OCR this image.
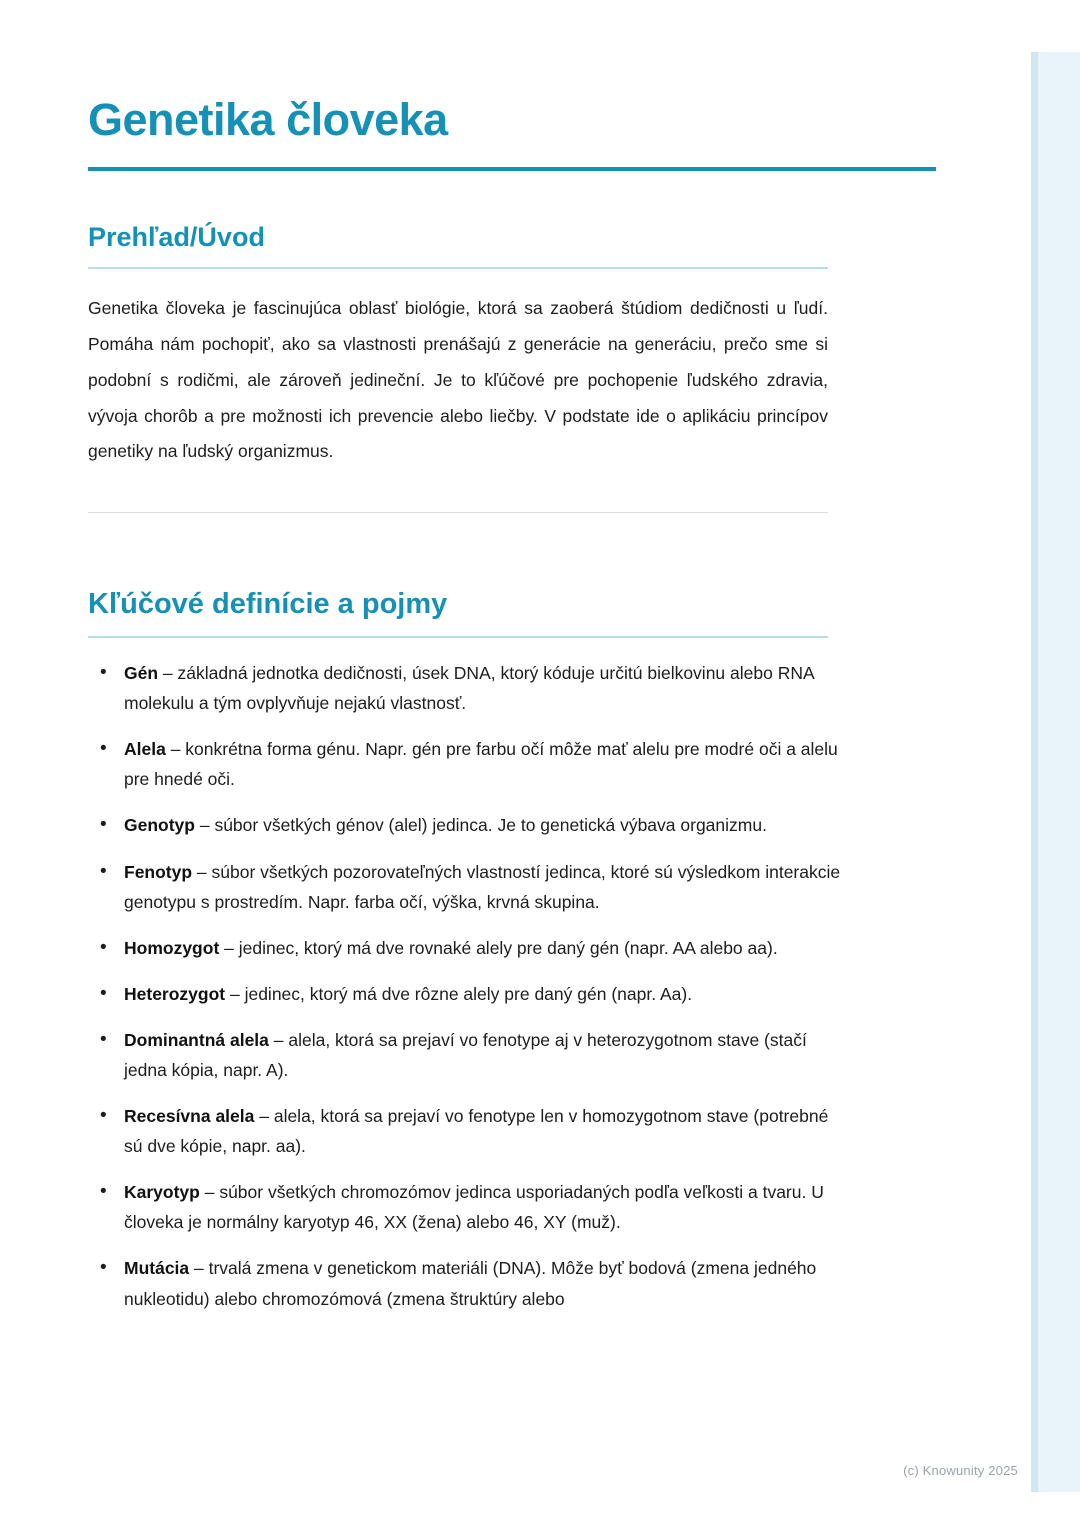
Genetika človeka
Prehľad/Úvod

Genetika človeka je fascinujúca oblasť biológie, ktorá sa zaoberá štúdiom dedičnosti u ľudí. Pomáha nám pochopiť, ako sa vlastnosti prenášajú z generácie na generáciu, prečo sme si podobní s rodičmi, ale zároveň jedineční. Je to kľúčové pre pochopenie ľudského zdravia, vývoja chorôb a pre možnosti ich prevencie alebo liečby. V podstate ide o aplikáciu princípov genetiky na ľudský organizmus.

Kľúčové definície a pojmy
• Gén – základná jednotka dedičnosti, úsek DNA, ktorý kóduje určitú bielkovinu alebo RNA molekulu a tým ovplyvňuje nejakú vlastnosť.
• Alela – konkrétna forma génu. Napr. gén pre farbu očí môže mať alelu pre modré oči a alelu pre hnedé oči.
• Genotyp – súbor všetkých génov (alel) jedinca. Je to genetická výbava organizmu.
• Fenotyp – súbor všetkých pozorovateľných vlastností jedinca, ktoré sú výsledkom interakcie genotypu s prostredím. Napr. farba očí, výška, krvná skupina.
• Homozygot – jedinec, ktorý má dve rovnaké alely pre daný gén (napr. AA alebo aa).
• Heterozygot – jedinec, ktorý má dve rôzne alely pre daný gén (napr. Aa).
• Dominantná alela – alela, ktorá sa prejaví vo fenotype aj v heterozygotnom stave (stačí jedna kópia, napr. A).
• Recesívna alela – alela, ktorá sa prejaví vo fenotype len v homozygotnom stave (potrebné sú dve kópie, napr. aa).
• Karyotyp – súbor všetkých chromozómov jedinca usporiadaných podľa veľkosti a tvaru. U človeka je normálny karyotyp 46, XX (žena) alebo 46, XY (muž).
• Mutácia – trvalá zmena v genetickom materiáli (DNA). Môže byť bodová (zmena jedného nukleotidu) alebo chromozómová (zmena štruktúry alebo
(c) Knowunity 2025
